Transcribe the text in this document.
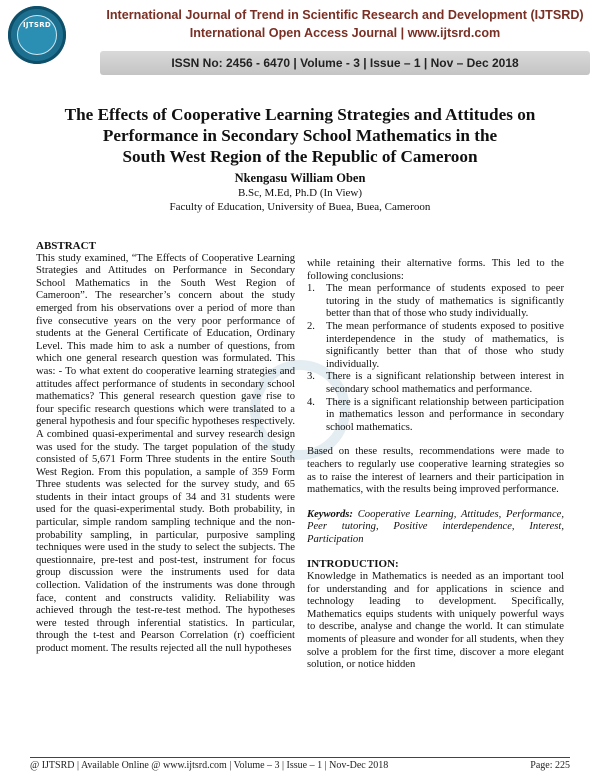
IJTSRD
International Journal of Trend in Scientific Research and Development (IJTSRD)
International Open Access Journal | www.ijtsrd.com
ISSN No: 2456 - 6470 | Volume - 3 | Issue – 1 | Nov – Dec 2018
The Effects of Cooperative Learning Strategies and Attitudes on
Performance in Secondary School Mathematics in the
South West Region of the Republic of Cameroon
Nkengasu William Oben
B.Sc, M.Ed, Ph.D (In View)
Faculty of Education, University of Buea, Buea, Cameroon
ABSTRACT

This study examined, “The Effects of Cooperative Learning Strategies and Attitudes on Performance in Secondary School Mathematics in the South West Region of Cameroon”. The researcher’s concern about the study emerged from his observations over a period of more than five consecutive years on the very poor performance of students at the General Certificate of Education, Ordinary Level. This made him to ask a number of questions, from which one general research question was formulated. This was: - To what extent do cooperative learning strategies and attitudes affect performance of students in secondary school mathematics? This general research question gave rise to four specific research questions which were translated to a general hypothesis and four specific hypotheses respectively. A combined quasi-experimental and survey research design was used for the study. The target population of the study consisted of 5,671 Form Three students in the entire South West Region. From this population, a sample of 359 Form Three students was selected for the survey study, and 65 students in their intact groups of 34 and 31 students were used for the quasi-experimental study. Both probability, in particular, simple random sampling technique and the non-probability sampling, in particular, purposive sampling techniques were used in the study to select the subjects. The questionnaire, pre-test and post-test, instrument for focus group discussion were the instruments used for data collection. Validation of the instruments was done through face, content and constructs validity. Reliability was achieved through the test-re-test method. The hypotheses were tested through inferential statistics. In particular, through the t-test and Pearson Correlation (r) coefficient product moment. The results rejected all the null hypotheses

while retaining their alternative forms. This led to the following conclusions:

1. The mean performance of students exposed to peer tutoring in the study of mathematics is significantly better than that of those who study individually.
2. The mean performance of students exposed to positive interdependence in the study of mathematics, is significantly better than that of those who study individually.
3. There is a significant relationship between interest in secondary school mathematics and performance.
4. There is a significant relationship between participation in mathematics lesson and performance in secondary school mathematics.

Based on these results, recommendations were made to teachers to regularly use cooperative learning strategies so as to raise the interest of learners and their participation in mathematics, with the results being improved performance.

Keywords: Cooperative Learning, Attitudes, Performance, Peer tutoring, Positive interdependence, Interest, Participation

INTRODUCTION:

Knowledge in Mathematics is needed as an important tool for understanding and for applications in science and technology leading to development. Specifically, Mathematics equips students with uniquely powerful ways to describe, analyse and change the world. It can stimulate moments of pleasure and wonder for all students, when they solve a problem for the first time, discover a more elegant solution, or notice hidden

@ IJTSRD | Available Online @ www.ijtsrd.com | Volume – 3 | Issue – 1 | Nov-Dec 2018	Page: 225
